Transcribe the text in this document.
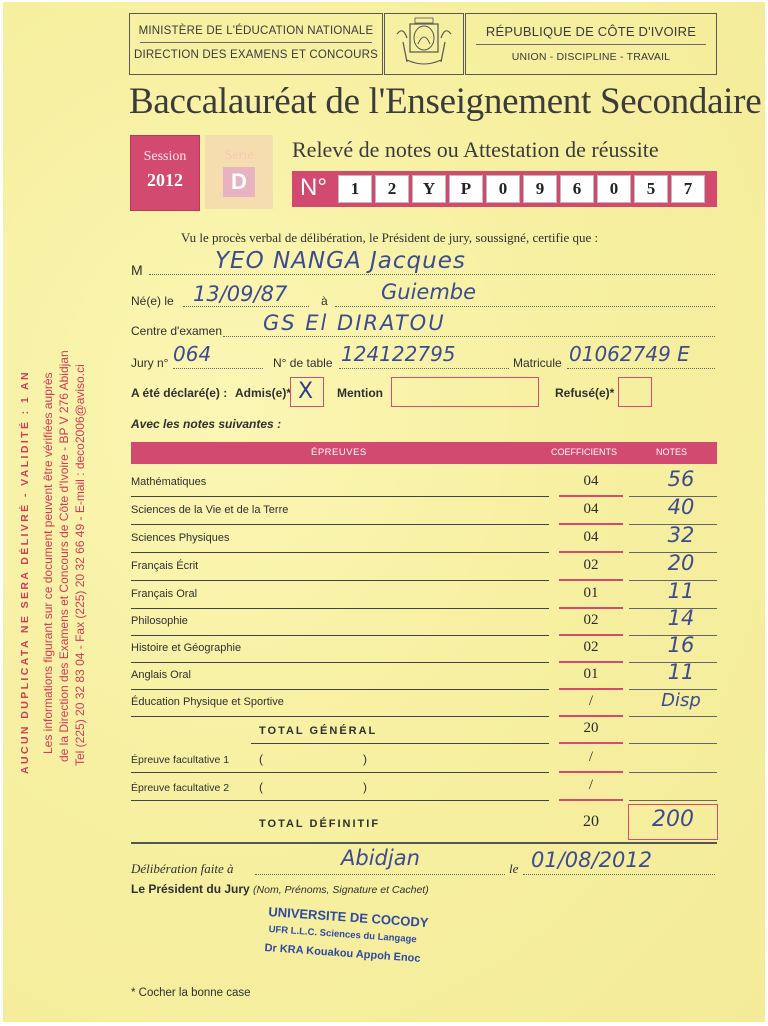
MINISTÈRE DE L'ÉDUCATION NATIONALE
DIRECTION DES EXAMENS ET CONCOURS
RÉPUBLIQUE DE CÔTE D'IVOIRE
UNION - DISCIPLINE - TRAVAIL
Baccalauréat de l'Enseignement Secondaire
Session
2012
Serie
D
Relevé de notes ou Attestation de réussite
N°	1	2	Y	P	0	9	6	0	5	7
Vu le procès verbal de délibération, le Président de jury, soussigné, certifie que :
M	YEO NANGA Jacques
Né(e) le 13/09/87	à	Guiembe
Centre d'examen GS El DIRATOU
Jury n° 064	N° de table 124122795	Matricule 01062749 E
A été déclaré(e) : Admis(e)* X Mention	Refusé(e)*
Avec les notes suivantes :
ÉPREUVES	COEFFICIENTS	NOTES
Mathématiques	04	56
Sciences de la Vie et de la Terre	04	40
Sciences Physiques	04	32
Français Écrit	02	20
Français Oral	01	11
Philosophie	02	14
Histoire et Géographie	02	16
Anglais Oral	01	11
Éducation Physique et Sportive	/	Disp
TOTAL GÉNÉRAL	20
Épreuve facultative 1 (                              )	/
Épreuve facultative 2 (                              )	/
TOTAL DÉFINITIF	20	200
Délibération faite à	Abidjan	le 01/08/2012
Le Président du Jury (Nom, Prénoms, Signature et Cachet)
UNIVERSITE DE COCODY
UFR L.L.C. Sciences du Langage
Dr KRA Kouakou Appoh Enoc
* Cocher la bonne case
AUCUN DUPLICATA NE SERA DÉLIVRÉ - VALIDITÉ : 1 AN Les informations figurant sur ce document peuvent être vérifiées auprès de la Direction des Examens et Concours de Côte d'Ivoire - BP V 276 Abidjan Tel (225) 20 32 83 04 - Fax (225) 20 32 66 49 - E-mail : deco2006@aviso.ci
